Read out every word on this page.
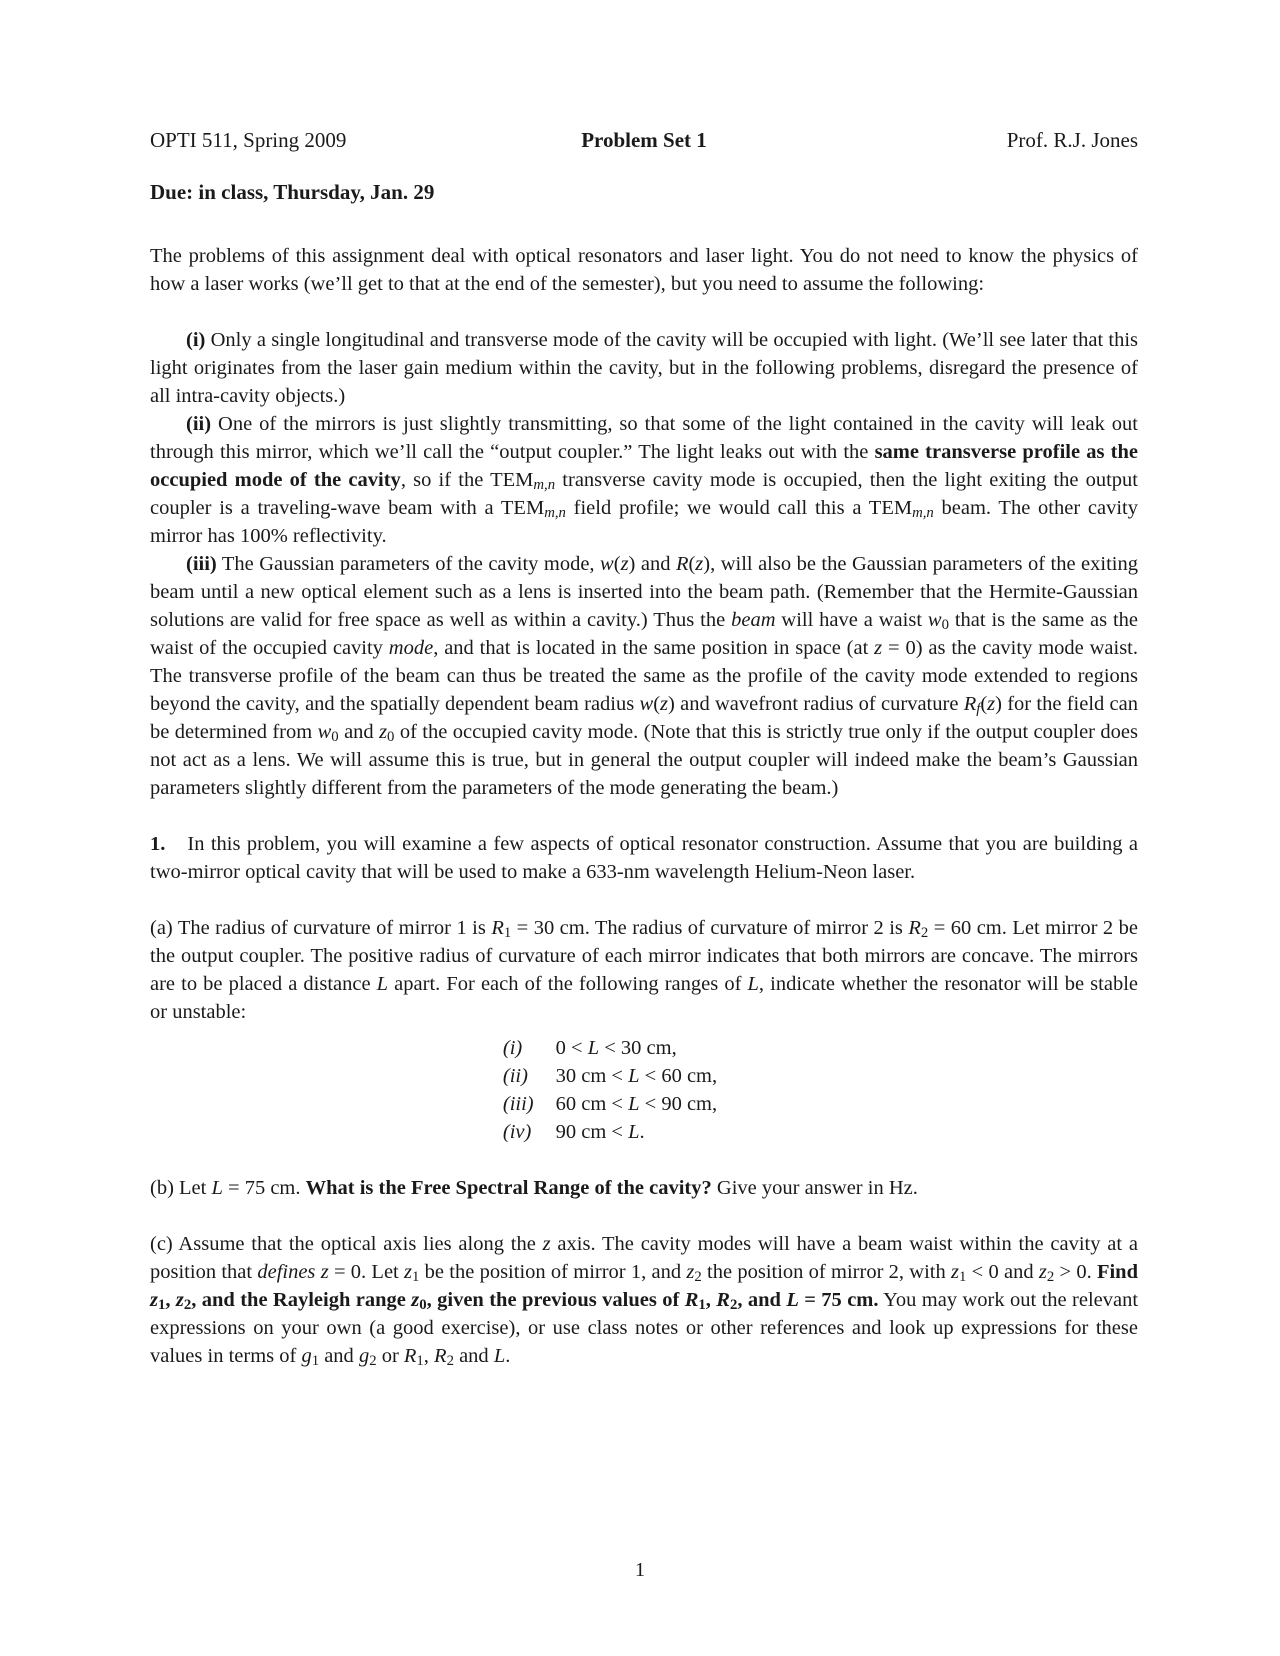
OPTI 511, Spring 2009	Problem Set 1	Prof. R.J. Jones
Due: in class, Thursday, Jan. 29

The problems of this assignment deal with optical resonators and laser light. You do not need to know the physics of how a laser works (we’ll get to that at the end of the semester), but you need to assume the following:

(i) Only a single longitudinal and transverse mode of the cavity will be occupied with light. (We’ll see later that this light originates from the laser gain medium within the cavity, but in the following problems, disregard the presence of all intra-cavity objects.)

(ii) One of the mirrors is just slightly transmitting, so that some of the light contained in the cavity will leak out through this mirror, which we’ll call the “output coupler.” The light leaks out with the same transverse profile as the occupied mode of the cavity, so if the $TEM_{m,n}$ transverse cavity mode is occupied, then the light exiting the output coupler is a traveling-wave beam with a $TEM_{m,n}$ field profile; we would call this a $TEM_{m,n}$ beam. The other cavity mirror has 100% reflectivity.

(iii) The Gaussian parameters of the cavity mode, w(z) and R(z), will also be the Gaussian parameters of the exiting beam until a new optical element such as a lens is inserted into the beam path. (Remember that the Hermite-Gaussian solutions are valid for free space as well as within a cavity.) Thus the beam will have a waist $w_0$ that is the same as the waist of the occupied cavity mode, and that is located in the same position in space (at z = 0) as the cavity mode waist. The transverse profile of the beam can thus be treated the same as the profile of the cavity mode extended to regions beyond the cavity, and the spatially dependent beam radius w(z) and wavefront radius of curvature $R_f(z)$ for the field can be determined from $w_0$ and $z_0$ of the occupied cavity mode. (Note that this is strictly true only if the output coupler does not act as a lens. We will assume this is true, but in general the output coupler will indeed make the beam’s Gaussian parameters slightly different from the parameters of the mode generating the beam.)

1. In this problem, you will examine a few aspects of optical resonator construction. Assume that you are building a two-mirror optical cavity that will be used to make a 633-nm wavelength Helium-Neon laser.

(a) The radius of curvature of mirror 1 is $R_1 = 30$ cm. The radius of curvature of mirror 2 is $R_2 = 60$ cm. Let mirror 2 be the output coupler. The positive radius of curvature of each mirror indicates that both mirrors are concave. The mirrors are to be placed a distance L apart. For each of the following ranges of L, indicate whether the resonator will be stable or unstable:

(i)	0 < L < 30 cm,
(ii)	30 cm < L < 60 cm,
(iii)	60 cm < L < 90 cm,
(iv)	90 cm < L.

(b) Let L = 75 cm. What is the Free Spectral Range of the cavity? Give your answer in Hz.

(c) Assume that the optical axis lies along the z axis. The cavity modes will have a beam waist within the cavity at a position that defines z = 0. Let $z_1$ be the position of mirror 1, and $z_2$ the position of mirror 2, with $z_1 < 0$ and $z_2 > 0$. Find $z_1$, $z_2$, and the Rayleigh range $z_0$, given the previous values of $R_1$, $R_2$, and L = 75 cm. You may work out the relevant expressions on your own (a good exercise), or use class notes or other references and look up expressions for these values in terms of $g_1$ and $g_2$ or $R_1$, $R_2$ and L.

1
